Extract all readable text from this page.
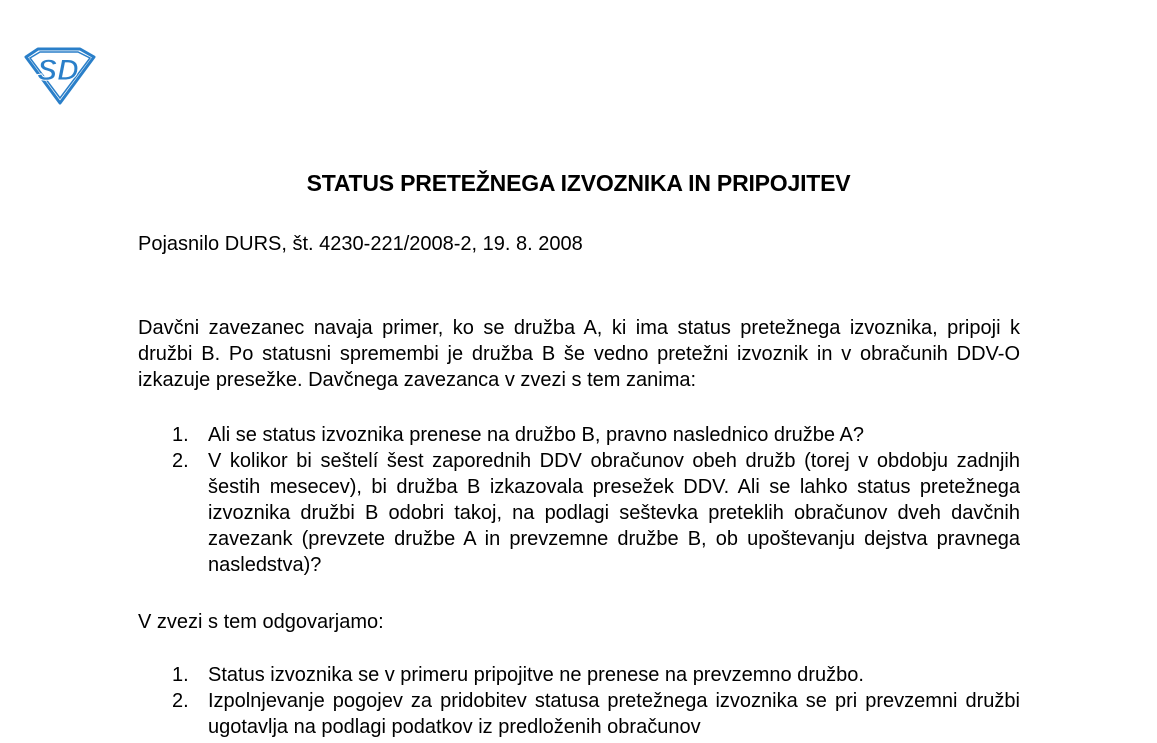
SD
STATUS PRETEŽNEGA IZVOZNIKA IN PRIPOJITEV

Pojasnilo DURS, št. 4230-221/2008-2, 19. 8. 2008

Davčni zavezanec navaja primer, ko se družba A, ki ima status pretežnega izvoznika, pripoji k družbi B. Po statusni spremembi je družba B še vedno pretežni izvoznik in v obračunih DDV-O izkazuje presežke. Davčnega zavezanca v zvezi s tem zanima:

1. Ali se status izvoznika prenese na družbo B, pravno naslednico družbe A?
2. V kolikor bi seštelí šest zaporednih DDV obračunov obeh družb (torej v obdobju zadnjih šestih mesecev), bi družba B izkazovala presežek DDV. Ali se lahko status pretežnega izvoznika družbi B odobri takoj, na podlagi seštevka preteklih obračunov dveh davčnih zavezank (prevzete družbe A in prevzemne družbe B, ob upoštevanju dejstva pravnega nasledstva)?

V zvezi s tem odgovarjamo:

1. Status izvoznika se v primeru pripojitve ne prenese na prevzemno družbo.
2. Izpolnjevanje pogojev za pridobitev statusa pretežnega izvoznika se pri prevzemni družbi ugotavlja na podlagi podatkov iz predloženih obračunov
